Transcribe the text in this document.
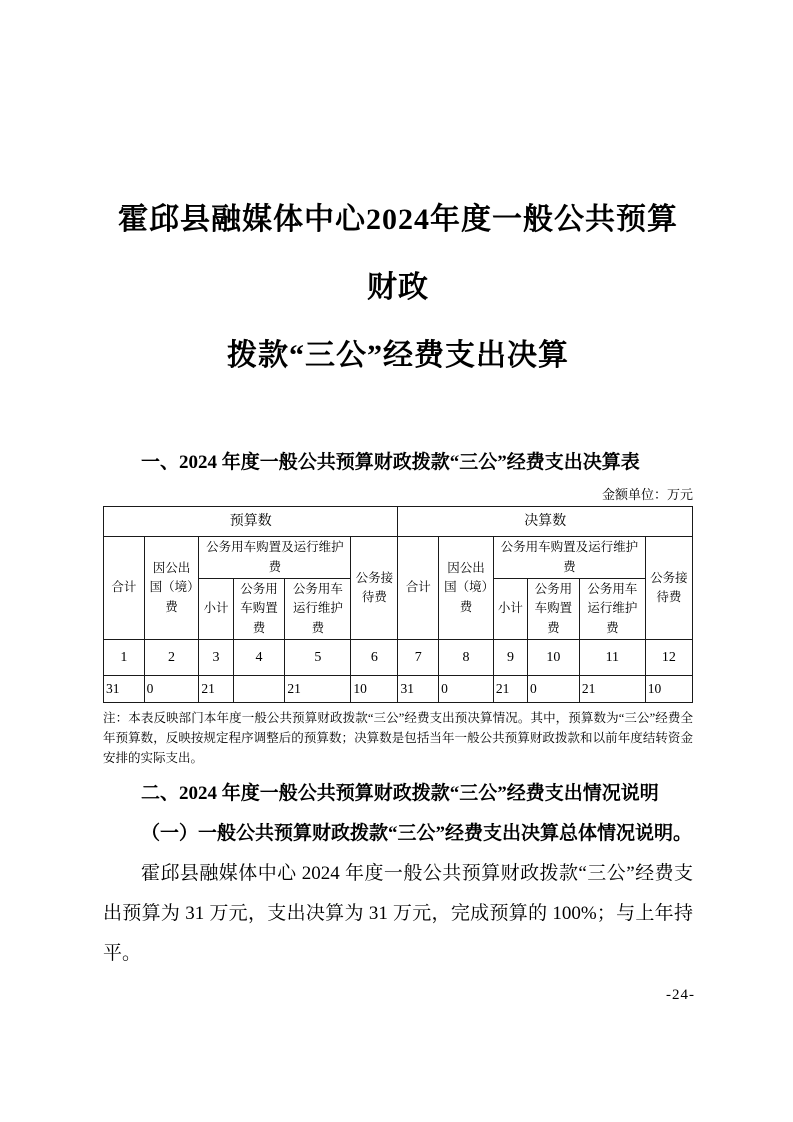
霍邱县融媒体中心2024年度一般公共预算财政
拨款“三公”经费支出决算

一、2024 年度一般公共预算财政拨款“三公”经费支出决算表

金额单位：万元
预算数						决算数					
合计	因公出国（境）费	公务用车购置及运行维护费			公务接待费	合计	因公出国（境）费	公务用车购置及运行维护费			公务接待费
		小计	公务用车购置费	公务用车运行维护费				小计	公务用车购置费	公务用车运行维护费	
1	2	3	4	5	6	7	8	9	10	11	12
31	0	21		21	10	31	0	21	0	21	10

注：本表反映部门本年度一般公共预算财政拨款“三公”经费支出预决算情况。其中，预算数为“三公”经费全年预算数，反映按规定程序调整后的预算数；决算数是包括当年一般公共预算财政拨款和以前年度结转资金安排的实际支出。

二、2024 年度一般公共预算财政拨款“三公”经费支出情况说明

（一）一般公共预算财政拨款“三公”经费支出决算总体情况说明。

霍邱县融媒体中心 2024 年度一般公共预算财政拨款“三公”经费支出预算为 31 万元，支出决算为 31 万元，完成预算的 100%；与上年持平。

-24-
